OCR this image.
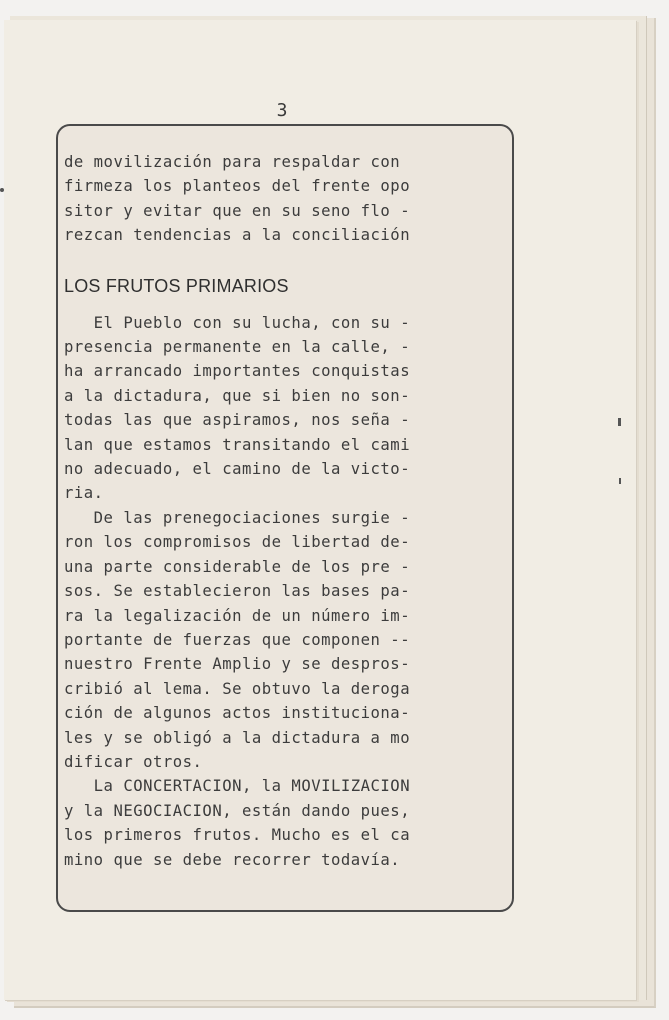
3
de movilización para respaldar con
firmeza los planteos del frente opo
sitor y evitar que en su seno flo -
rezcan tendencias a la conciliación
LOS FRUTOS PRIMARIOS
El Pueblo con su lucha, con su -
presencia permanente en la calle, -
ha arrancado importantes conquistas
a la dictadura, que si bien no son-
todas las que aspiramos, nos seña -
lan que estamos transitando el cami
no adecuado, el camino de la victo-
ria.
De las prenegociaciones surgie -
ron los compromisos de libertad de-
una parte considerable de los pre -
sos. Se establecieron las bases pa-
ra la legalización de un número im-
portante de fuerzas que componen --
nuestro Frente Amplio y se despros-
cribió al lema. Se obtuvo la deroga
ción de algunos actos instituciona-
les y se obligó a la dictadura a mo
dificar otros.
La CONCERTACION, la MOVILIZACION
y la NEGOCIACION, están dando pues,
los primeros frutos. Mucho es el ca
mino que se debe recorrer todavía.
